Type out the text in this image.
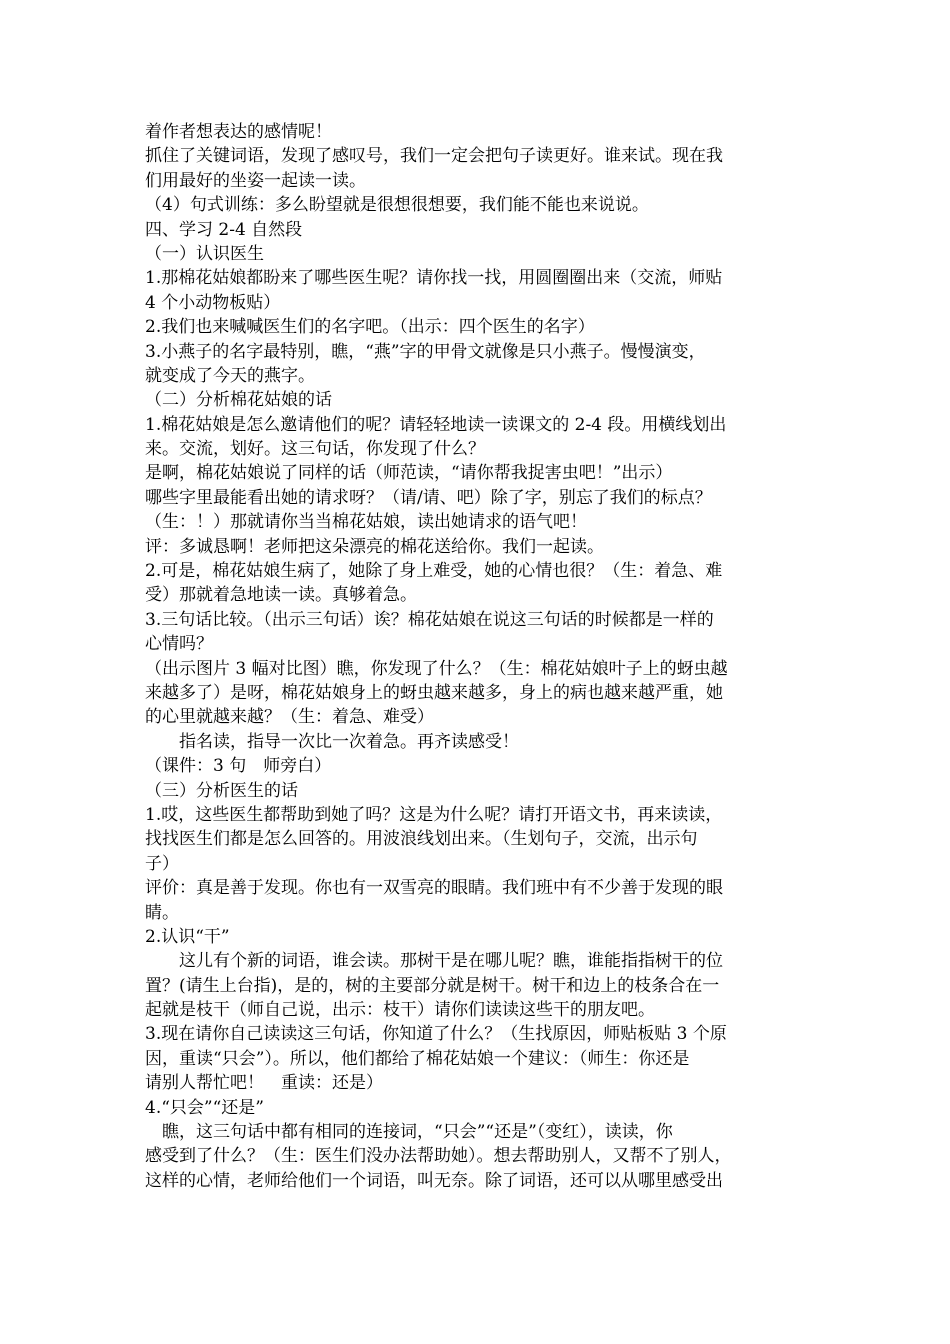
着作者想表达的感情呢！
抓住了关键词语，发现了感叹号，我们一定会把句子读更好。谁来试。现在我
们用最好的坐姿一起读一读。
（4）句式训练：多么盼望就是很想很想要，我们能不能也来说说。
四、学习 2-4 自然段
（一）认识医生
1.那棉花姑娘都盼来了哪些医生呢？请你找一找，用圆圈圈出来（交流，师贴
4 个小动物板贴）
2.我们也来喊喊医生们的名字吧。（出示：四个医生的名字）
3.小燕子的名字最特别，瞧，“燕”字的甲骨文就像是只小燕子。慢慢演变，
就变成了今天的燕字。
（二）分析棉花姑娘的话
1.棉花姑娘是怎么邀请他们的呢？请轻轻地读一读课文的 2-4 段。用横线划出
来。交流，划好。这三句话，你发现了什么？
是啊，棉花姑娘说了同样的话（师范读，“请你帮我捉害虫吧！”出示）
哪些字里最能看出她的请求呀？（请/请、吧）除了字，别忘了我们的标点？
（生：！）那就请你当当棉花姑娘，读出她请求的语气吧！
评：多诚恳啊！老师把这朵漂亮的棉花送给你。我们一起读。
2.可是，棉花姑娘生病了，她除了身上难受，她的心情也很？（生：着急、难
受）那就着急地读一读。真够着急。
3.三句话比较。（出示三句话）诶？棉花姑娘在说这三句话的时候都是一样的
心情吗？
（出示图片 3 幅对比图）瞧，你发现了什么？（生：棉花姑娘叶子上的蚜虫越
来越多了）是呀，棉花姑娘身上的蚜虫越来越多，身上的病也越来越严重，她
的心里就越来越？（生：着急、难受）
指名读，指导一次比一次着急。再齐读感受！
（课件：3 句　师旁白）
（三）分析医生的话
1.哎，这些医生都帮助到她了吗？这是为什么呢？请打开语文书，再来读读，
找找医生们都是怎么回答的。用波浪线划出来。（生划句子，交流，出示句
子）
评价：真是善于发现。你也有一双雪亮的眼睛。我们班中有不少善于发现的眼
睛。
2.认识“干”
这儿有个新的词语，谁会读。那树干是在哪儿呢？瞧，谁能指指树干的位
置？(请生上台指)，是的，树的主要部分就是树干。树干和边上的枝条合在一
起就是枝干（师自己说，出示：枝干）请你们读读这些干的朋友吧。
3.现在请你自己读读这三句话，你知道了什么？（生找原因，师贴板贴 3 个原
因，重读“只会”）。所以，他们都给了棉花姑娘一个建议：（师生：你还是
请别人帮忙吧！　重读：还是）
4.“只会”“还是”
瞧，这三句话中都有相同的连接词，“只会”“还是”（变红），读读，你
感受到了什么？（生：医生们没办法帮助她）。想去帮助别人，又帮不了别人，
这样的心情，老师给他们一个词语，叫无奈。除了词语，还可以从哪里感受出
